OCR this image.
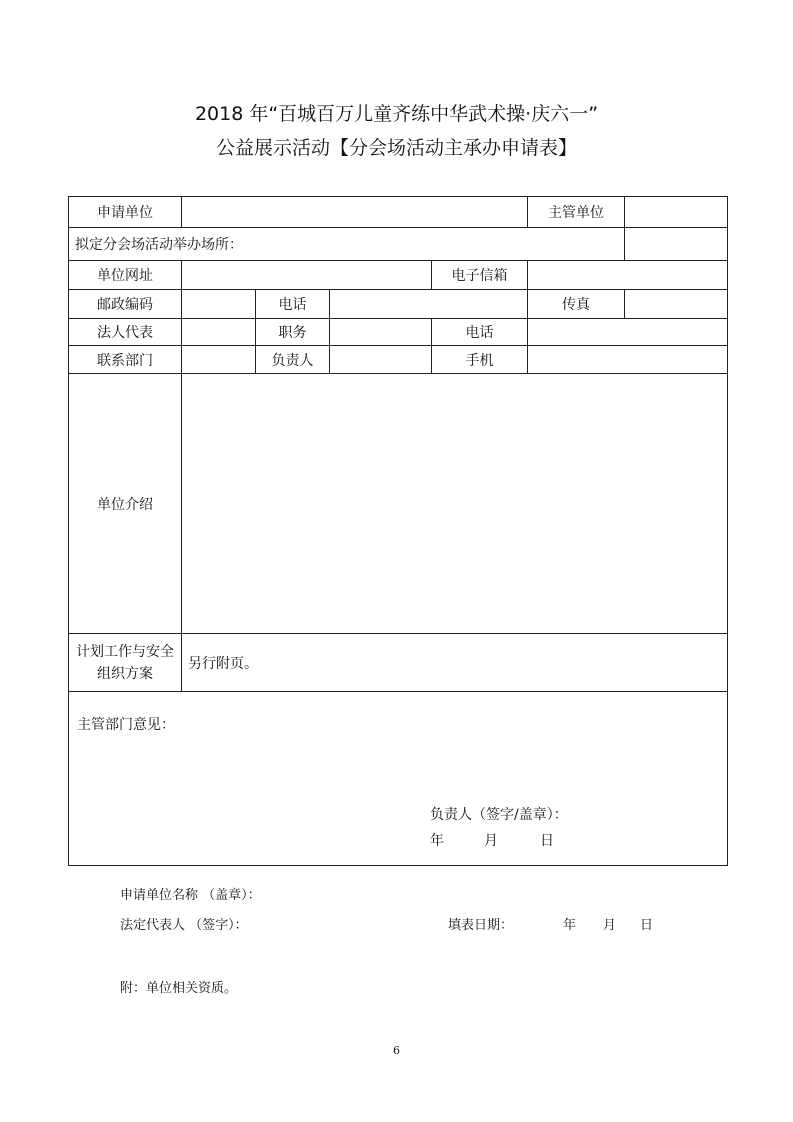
2018 年“百城百万儿童齐练中华武术操·庆六一”
公益展示活动【分会场活动主承办申请表】
申请单位					主管单位	
拟定分会场活动举办场所：						
单位网址				电子信箱		
邮政编码		电话			传真	
法人代表		职务		电话		
联系部门		负责人		手机		
单位介绍						
计划工作与安全组织方案	另行附页。					

主管部门意见：
负责人（签字/盖章）：
年 月 日						
申请单位名称 （盖章）：
法定代表人 （签字）：	填表日期：	年 月 日
附：单位相关资质。
6
